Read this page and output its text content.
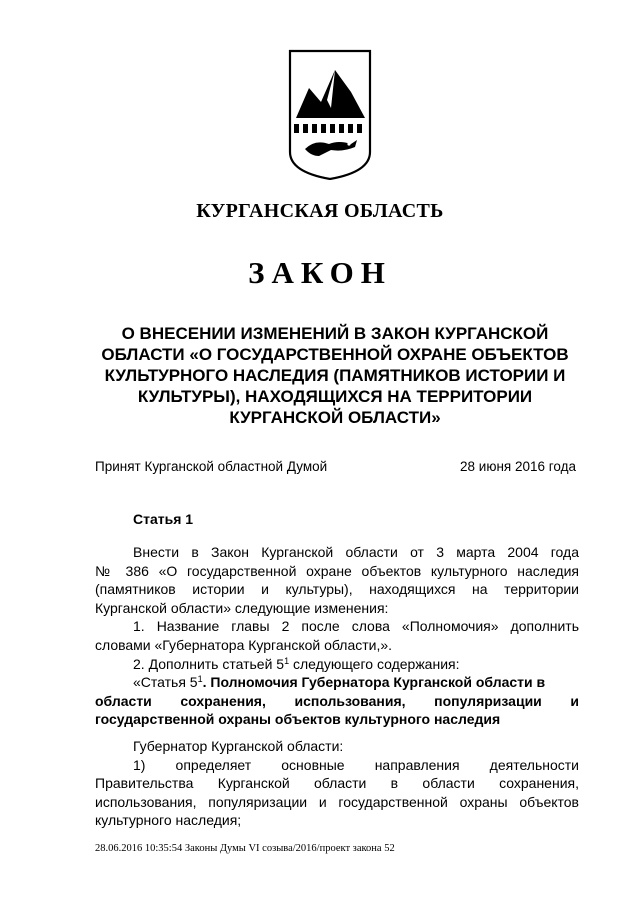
КУРГАНСКАЯ ОБЛАСТЬ
ЗАКОН
О ВНЕСЕНИИ ИЗМЕНЕНИЙ В ЗАКОН КУРГАНСКОЙ
ОБЛАСТИ «О ГОСУДАРСТВЕННОЙ ОХРАНЕ ОБЪЕКТОВ
КУЛЬТУРНОГО НАСЛЕДИЯ (ПАМЯТНИКОВ ИСТОРИИ И
КУЛЬТУРЫ), НАХОДЯЩИХСЯ НА ТЕРРИТОРИИ
КУРГАНСКОЙ ОБЛАСТИ»
Принят Курганской областной Думой	28 июня 2016 года
Статья 1
Внести в Закон Курганской области от 3 марта 2004 года
№ 386 «О государственной охране объектов культурного наследия
(памятников истории и культуры), находящихся на территории
Курганской области» следующие изменения:
1. Название главы 2 после слова «Полномочия» дополнить
словами «Губернатора Курганской области,».
2. Дополнить статьей $5^1$ следующего содержания:
«Статья $5^1$. Полномочия Губернатора Курганской области в
области сохранения, использования, популяризации и
государственной охраны объектов культурного наследия
Губернатор Курганской области:
1) определяет основные направления деятельности
Правительства Курганской области в области сохранения,
использования, популяризации и государственной охраны объектов
культурного наследия;
28.06.2016 10:35:54 Законы Думы VI созыва/2016/проект закона 52
